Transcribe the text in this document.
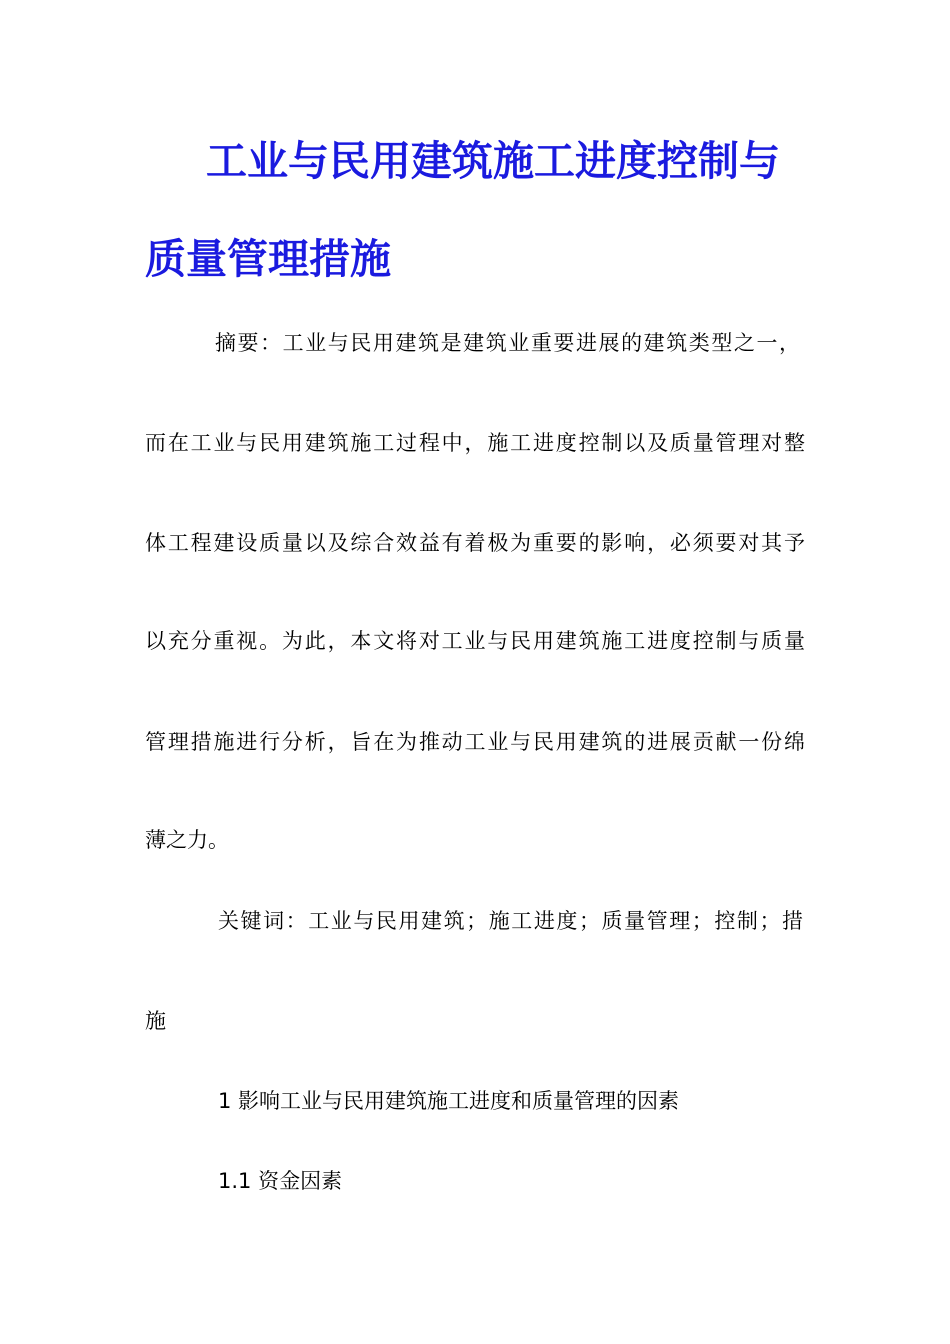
工业与民用建筑施工进度控制与
质量管理措施
摘要：工业与民用建筑是建筑业重要进展的建筑类型之一，
而在工业与民用建筑施工过程中，施工进度控制以及质量管理对整
体工程建设质量以及综合效益有着极为重要的影响，必须要对其予
以充分重视。为此，本文将对工业与民用建筑施工进度控制与质量
管理措施进行分析，旨在为推动工业与民用建筑的进展贡献一份绵
薄之力。
关键词：工业与民用建筑；施工进度；质量管理；控制；措
施
1 影响工业与民用建筑施工进度和质量管理的因素
1.1 资金因素
